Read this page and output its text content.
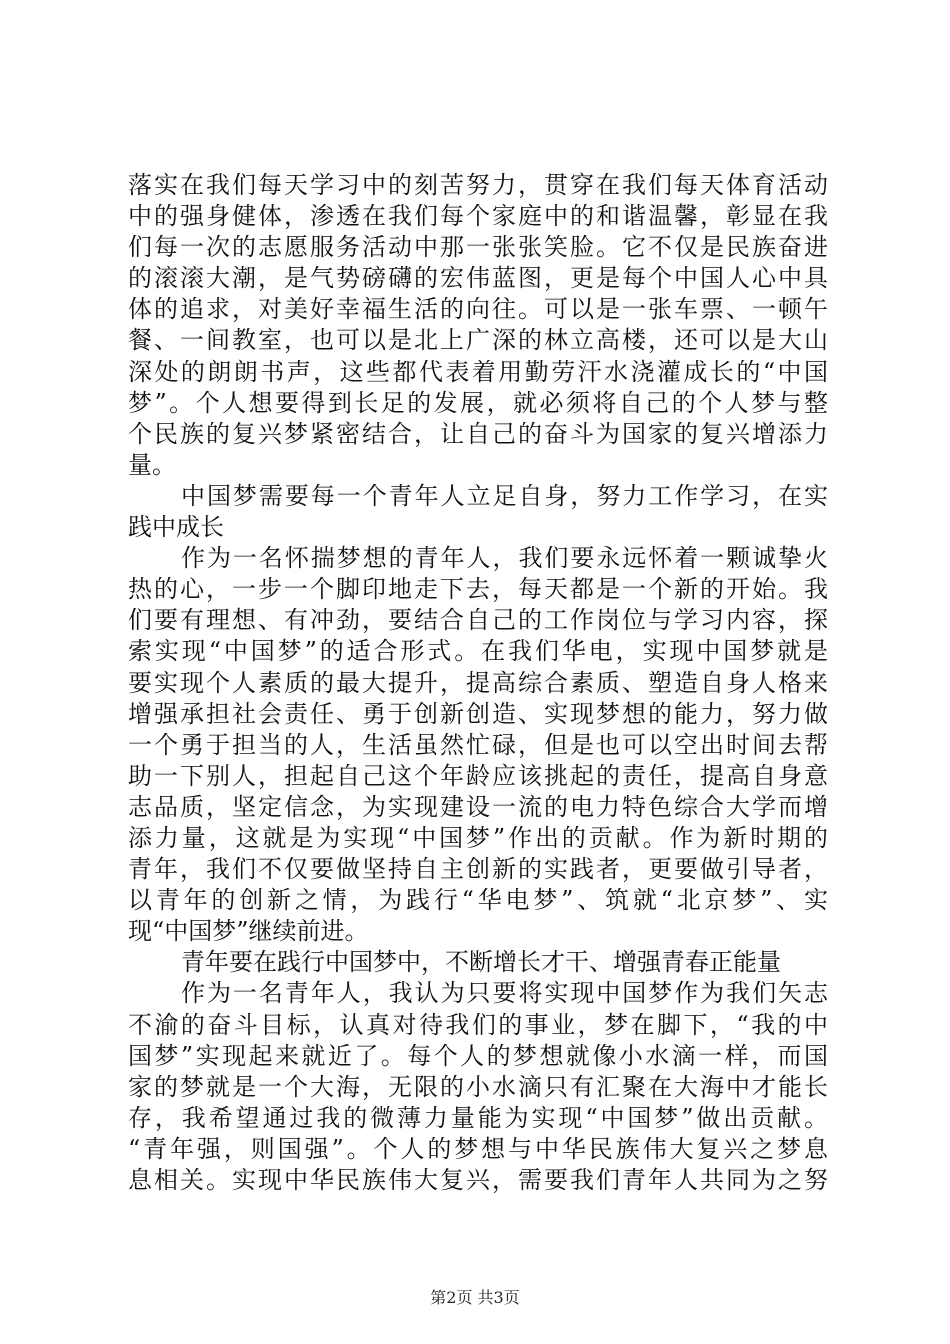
落实在我们每天学习中的刻苦努力，贯穿在我们每天体育活动
中的强身健体，渗透在我们每个家庭中的和谐温馨，彰显在我
们每一次的志愿服务活动中那一张张笑脸。它不仅是民族奋进
的滚滚大潮，是气势磅礴的宏伟蓝图，更是每个中国人心中具
体的追求，对美好幸福生活的向往。可以是一张车票、一顿午
餐、一间教室，也可以是北上广深的林立高楼，还可以是大山
深处的朗朗书声，这些都代表着用勤劳汗水浇灌成长的“中国
梦”。个人想要得到长足的发展，就必须将自己的个人梦与整
个民族的复兴梦紧密结合，让自己的奋斗为国家的复兴增添力
量。
中国梦需要每一个青年人立足自身，努力工作学习，在实
践中成长
作为一名怀揣梦想的青年人，我们要永远怀着一颗诚挚火
热的心，一步一个脚印地走下去，每天都是一个新的开始。我
们要有理想、有冲劲，要结合自己的工作岗位与学习内容，探
索实现“中国梦”的适合形式。在我们华电，实现中国梦就是
要实现个人素质的最大提升，提高综合素质、塑造自身人格来
增强承担社会责任、勇于创新创造、实现梦想的能力，努力做
一个勇于担当的人，生活虽然忙碌，但是也可以空出时间去帮
助一下别人，担起自己这个年龄应该挑起的责任，提高自身意
志品质，坚定信念，为实现建设一流的电力特色综合大学而增
添力量，这就是为实现“中国梦”作出的贡献。作为新时期的
青年，我们不仅要做坚持自主创新的实践者，更要做引导者，
以青年的创新之情，为践行“华电梦”、筑就“北京梦”、实
现“中国梦”继续前进。
青年要在践行中国梦中，不断增长才干、增强青春正能量
作为一名青年人，我认为只要将实现中国梦作为我们矢志
不渝的奋斗目标，认真对待我们的事业，梦在脚下，“我的中
国梦”实现起来就近了。每个人的梦想就像小水滴一样，而国
家的梦就是一个大海，无限的小水滴只有汇聚在大海中才能长
存，我希望通过我的微薄力量能为实现“中国梦”做出贡献。
“青年强，则国强”。个人的梦想与中华民族伟大复兴之梦息
息相关。实现中华民族伟大复兴，需要我们青年人共同为之努
第2页 共3页
